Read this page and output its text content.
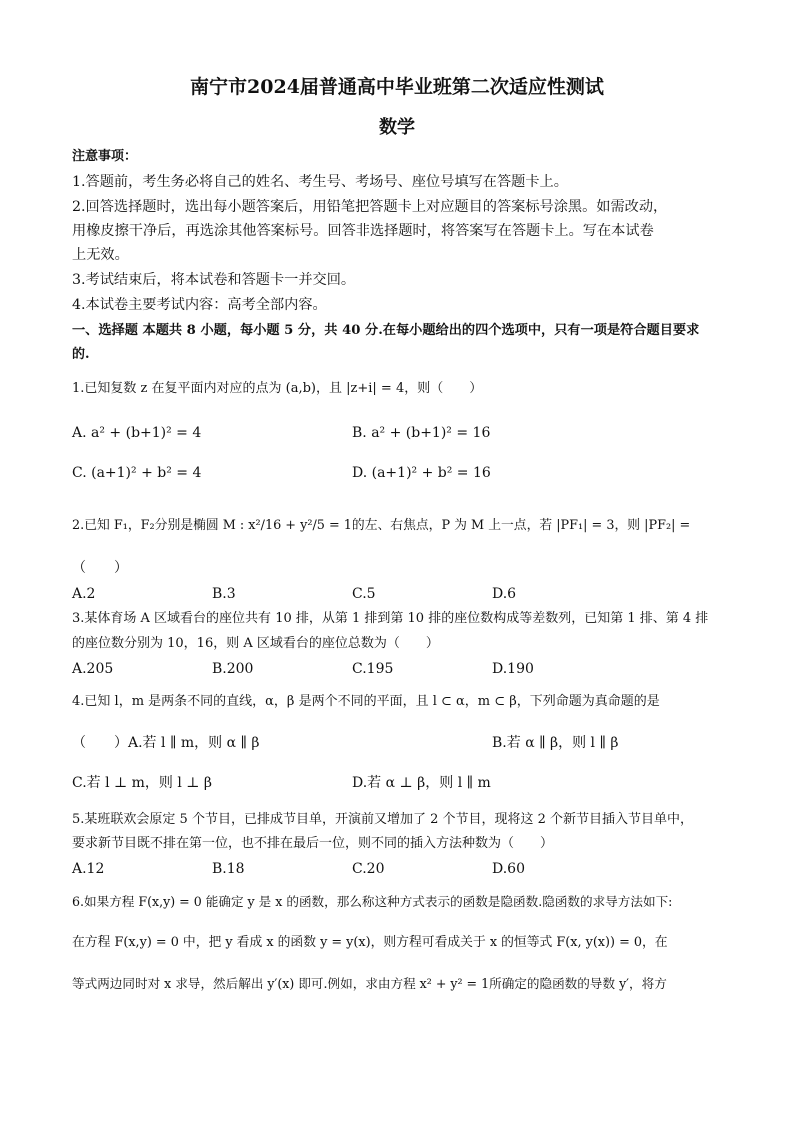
南宁市2024届普通高中毕业班第二次适应性测试
数学
注意事项：
1.答题前，考生务必将自己的姓名、考生号、考场号、座位号填写在答题卡上。
2.回答选择题时，选出每小题答案后，用铅笔把答题卡上对应题目的答案标号涂黑。如需改动，
用橡皮擦干净后，再选涂其他答案标号。回答非选择题时，将答案写在答题卡上。写在本试卷
上无效。
3.考试结束后，将本试卷和答题卡一并交回。
4.本试卷主要考试内容：高考全部内容。
一、选择题 本题共 8 小题，每小题 5 分，共 40 分.在每小题给出的四个选项中，只有一项是符合题目要求
的.
1.已知复数 z 在复平面内对应的点为 (a,b)，且 |z+i| = 4，则（　　）
A. a² + (b+1)² = 4	B. a² + (b+1)² = 16
C. (a+1)² + b² = 4	D. (a+1)² + b² = 16
2.已知 F₁，F₂分别是椭圆 M : x²/16 + y²/5 = 1的左、右焦点，P 为 M 上一点，若 |PF₁| = 3，则 |PF₂| =
（　　）
A.2	B.3	C.5	D.6
3.某体育场 A 区域看台的座位共有 10 排，从第 1 排到第 10 排的座位数构成等差数列，已知第 1 排、第 4 排
的座位数分别为 10，16，则 A 区域看台的座位总数为（　　）
A.205	B.200	C.195	D.190
4.已知 l，m 是两条不同的直线，α，β 是两个不同的平面，且 l ⊂ α，m ⊂ β，下列命题为真命题的是
（　　）A.若 l ∥ m，则 α ∥ β	B.若 α ∥ β，则 l ∥ β
C.若 l ⊥ m，则 l ⊥ β	D.若 α ⊥ β，则 l ∥ m
5.某班联欢会原定 5 个节目，已排成节目单，开演前又增加了 2 个节目，现将这 2 个新节目插入节目单中，
要求新节目既不排在第一位，也不排在最后一位，则不同的插入方法种数为（　　）
A.12	B.18	C.20	D.60
6.如果方程 F(x,y) = 0 能确定 y 是 x 的函数，那么称这种方式表示的函数是隐函数.隐函数的求导方法如下:
在方程 F(x,y) = 0 中，把 y 看成 x 的函数 y = y(x)，则方程可看成关于 x 的恒等式 F(x, y(x)) = 0，在
等式两边同时对 x 求导，然后解出 y′(x) 即可.例如，求由方程 x² + y² = 1所确定的隐函数的导数 y′，将方
